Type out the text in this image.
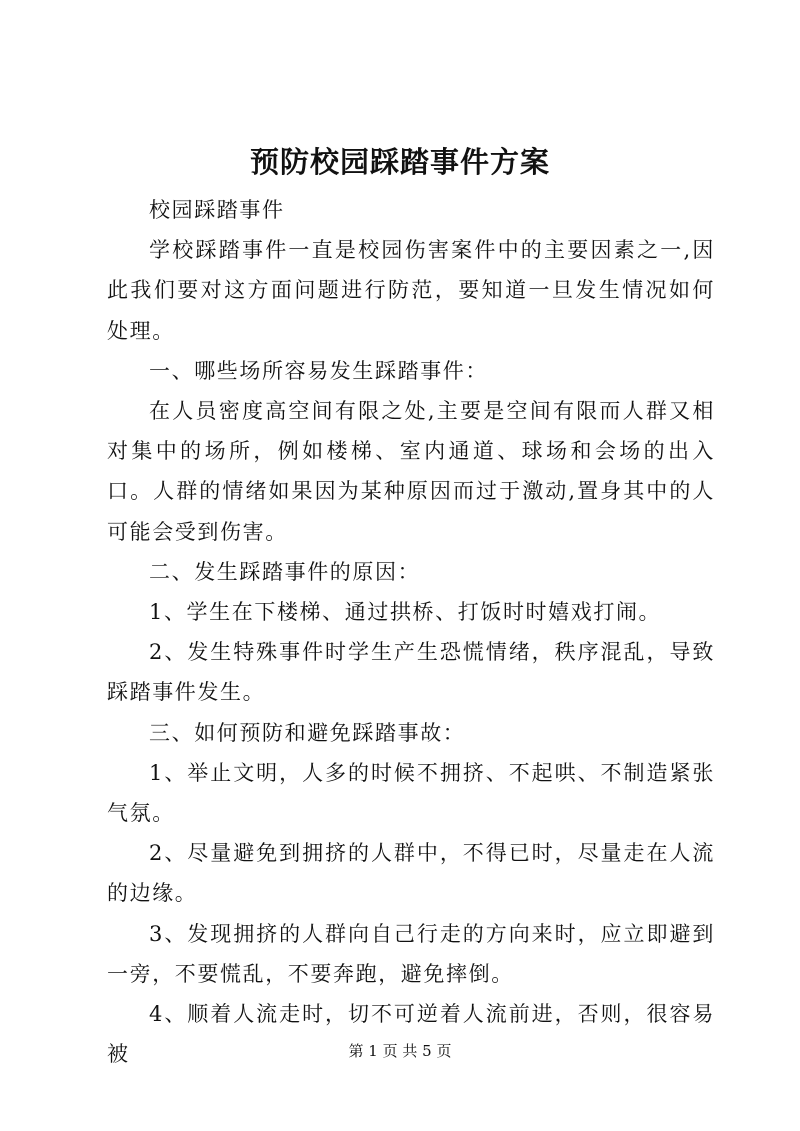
预防校园踩踏事件方案

校园踩踏事件

学校踩踏事件一直是校园伤害案件中的主要因素之一,因此我们要对这方面问题进行防范，要知道一旦发生情况如何处理。

一、哪些场所容易发生踩踏事件：

在人员密度高空间有限之处,主要是空间有限而人群又相对集中的场所，例如楼梯、室内通道、球场和会场的出入口。人群的情绪如果因为某种原因而过于激动,置身其中的人可能会受到伤害。

二、发生踩踏事件的原因：

1、学生在下楼梯、通过拱桥、打饭时时嬉戏打闹。

2、发生特殊事件时学生产生恐慌情绪，秩序混乱，导致踩踏事件发生。

三、如何预防和避免踩踏事故：

1、举止文明，人多的时候不拥挤、不起哄、不制造紧张气氛。

2、尽量避免到拥挤的人群中，不得已时，尽量走在人流的边缘。

3、发现拥挤的人群向自己行走的方向来时，应立即避到一旁，不要慌乱，不要奔跑，避免摔倒。

4、顺着人流走时，切不可逆着人流前进，否则，很容易被	第 1 页 共 5 页
